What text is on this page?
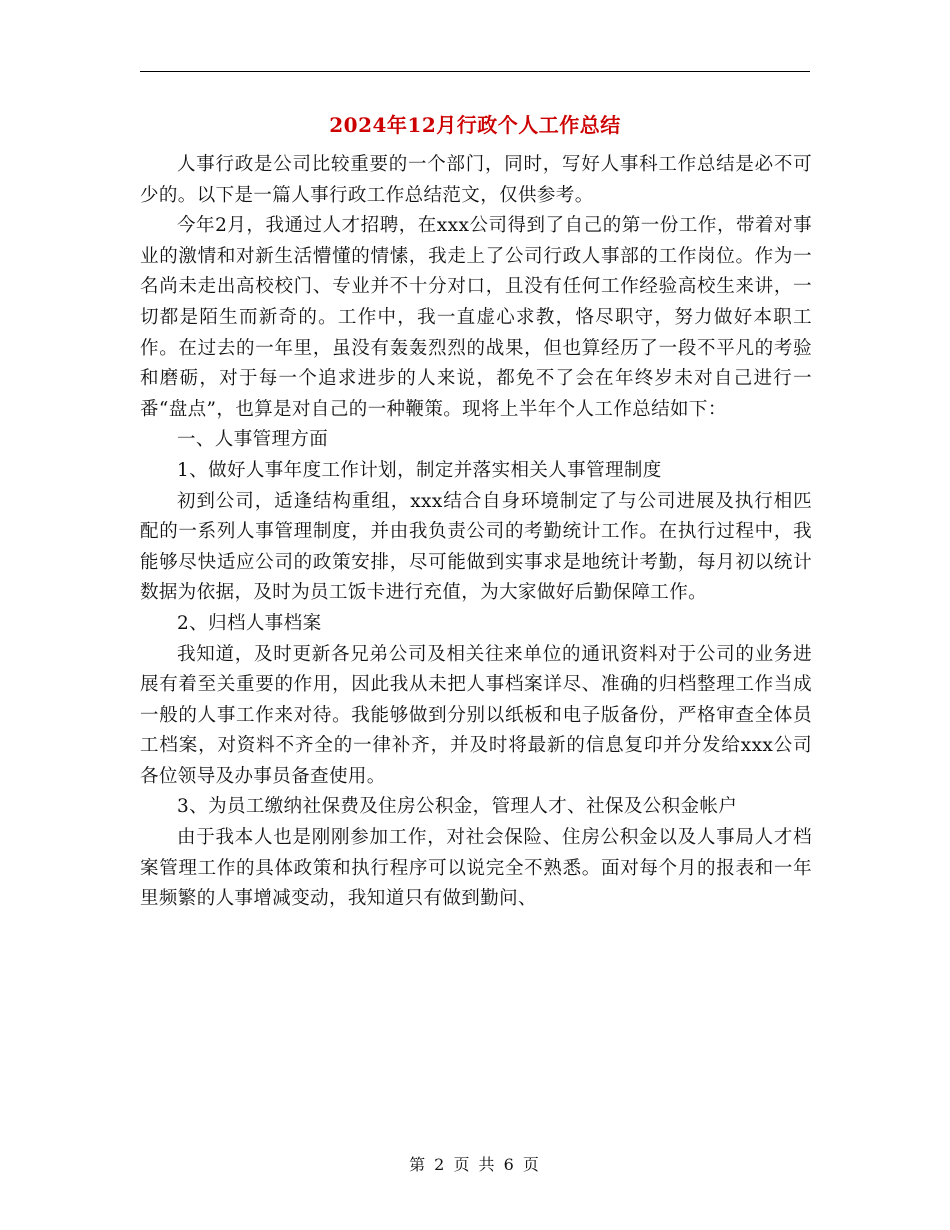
2024年12月行政个人工作总结

人事行政是公司比较重要的一个部门，同时，写好人事科工作总结是必不可少的。以下是一篇人事行政工作总结范文，仅供参考。

今年2月，我通过人才招聘，在xxx公司得到了自己的第一份工作，带着对事业的激情和对新生活懵懂的情愫，我走上了公司行政人事部的工作岗位。作为一名尚未走出高校校门、专业并不十分对口，且没有任何工作经验高校生来讲，一切都是陌生而新奇的。工作中，我一直虚心求教，恪尽职守，努力做好本职工作。在过去的一年里，虽没有轰轰烈烈的战果，但也算经历了一段不平凡的考验和磨砺，对于每一个追求进步的人来说，都免不了会在年终岁未对自己进行一番“盘点”，也算是对自己的一种鞭策。现将上半年个人工作总结如下：

一、人事管理方面

1、做好人事年度工作计划，制定并落实相关人事管理制度

初到公司，适逢结构重组，xxx结合自身环境制定了与公司进展及执行相匹配的一系列人事管理制度，并由我负责公司的考勤统计工作。在执行过程中，我能够尽快适应公司的政策安排，尽可能做到实事求是地统计考勤，每月初以统计数据为依据，及时为员工饭卡进行充值，为大家做好后勤保障工作。

2、归档人事档案

我知道，及时更新各兄弟公司及相关往来单位的通讯资料对于公司的业务进展有着至关重要的作用，因此我从未把人事档案详尽、准确的归档整理工作当成一般的人事工作来对待。我能够做到分别以纸板和电子版备份，严格审查全体员工档案，对资料不齐全的一律补齐，并及时将最新的信息复印并分发给xxx公司各位领导及办事员备查使用。

3、为员工缴纳社保费及住房公积金，管理人才、社保及公积金帐户

由于我本人也是刚刚参加工作，对社会保险、住房公积金以及人事局人才档案管理工作的具体政策和执行程序可以说完全不熟悉。面对每个月的报表和一年里频繁的人事增减变动，我知道只有做到勤问、

第 2 页 共 6 页
